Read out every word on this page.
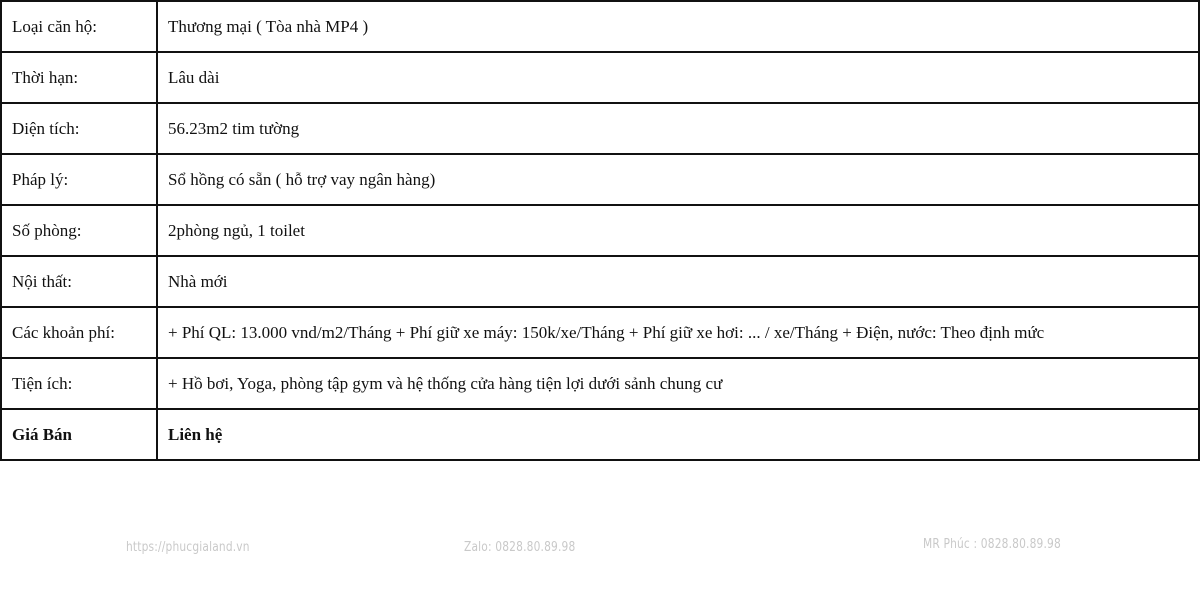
Loại căn hộ:	Thương mại ( Tòa nhà MP4 )
Thời hạn:	Lâu dài
Diện tích:	56.23m2 tim tường
Pháp lý:	Sổ hồng có sẵn ( hỗ trợ vay ngân hàng)
Số phòng:	2phòng ngủ, 1 toilet
Nội thất:	Nhà mới
Các khoản phí:	+ Phí QL: 13.000 vnd/m2/Tháng + Phí giữ xe máy: 150k/xe/Tháng + Phí giữ xe hơi: ... / xe/Tháng + Điện, nước: Theo định mức
Tiện ích:	+ Hồ bơi, Yoga, phòng tập gym và hệ thống cửa hàng tiện lợi dưới sảnh chung cư
Giá Bán	Liên hệ
https://phucgialand.vn	Zalo: 0828.80.89.98	MR Phúc : 0828.80.89.98
